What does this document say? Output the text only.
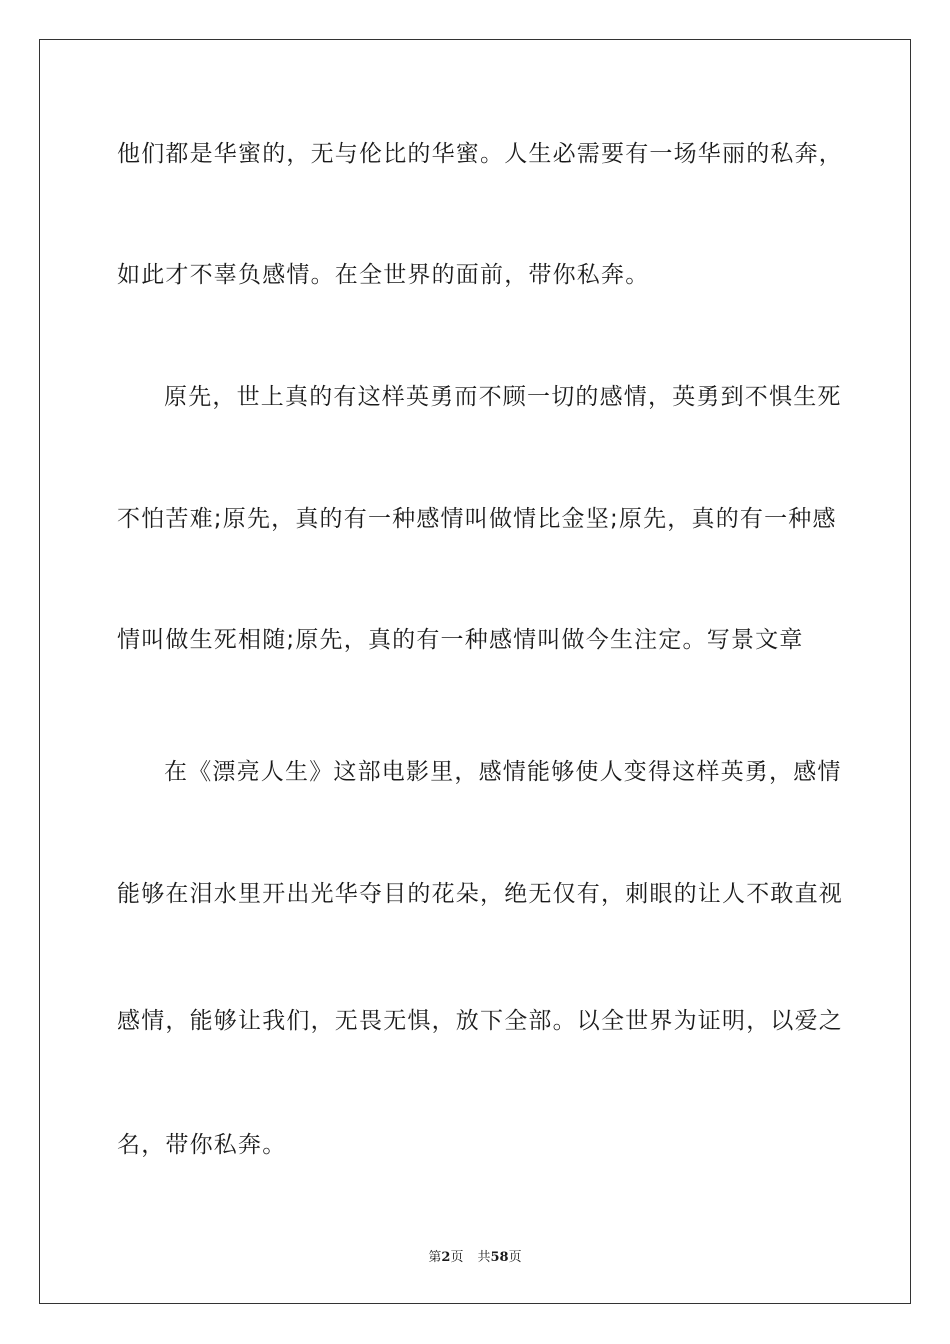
他们都是华蜜的，无与伦比的华蜜。人生必需要有一场华丽的私奔，
如此才不辜负感情。在全世界的面前，带你私奔。
原先，世上真的有这样英勇而不顾一切的感情，英勇到不惧生死
不怕苦难;原先，真的有一种感情叫做情比金坚;原先，真的有一种感
情叫做生死相随;原先，真的有一种感情叫做今生注定。写景文章
在《漂亮人生》这部电影里，感情能够使人变得这样英勇，感情
能够在泪水里开出光华夺目的花朵，绝无仅有，刺眼的让人不敢直视
感情，能够让我们，无畏无惧，放下全部。以全世界为证明，以爱之
名，带你私奔。
第2页 共58页
